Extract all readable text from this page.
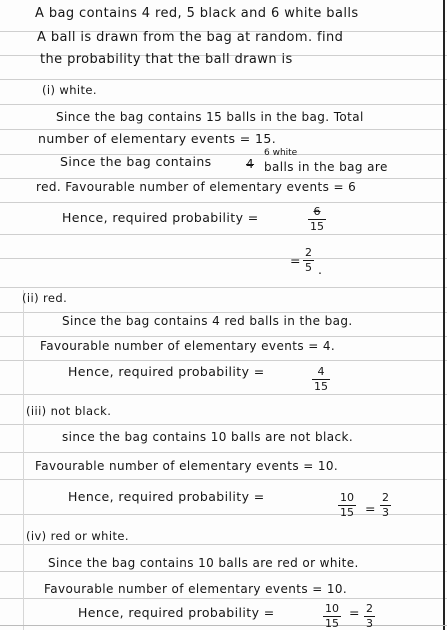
A bag contains 4 red, 5 black and 6 white balls
A ball is drawn from the bag at random. find
the probability that the ball drawn is
(i) white.
Since the bag contains 15 balls in the bag. Total
number of elementary events = 15.
6 white
Since the bag contains	4 balls in the bag are
red. Favourable number of elementary events = 6
Hence, required probability =	6
15
=
2
5 .
(ii) red.
Since the bag contains 4 red balls in the bag.
Favourable number of elementary events = 4.
Hence, required probability =	4
15
(iii) not black.
since the bag contains 10 balls are not black.
Favourable number of elementary events = 10.
Hence, required probability =	10
15 =
2
3
(iv) red or white.
Since the bag contains 10 balls are red or white.
Favourable number of elementary events = 10.
Hence, required probability =	10
15
= 2
3
